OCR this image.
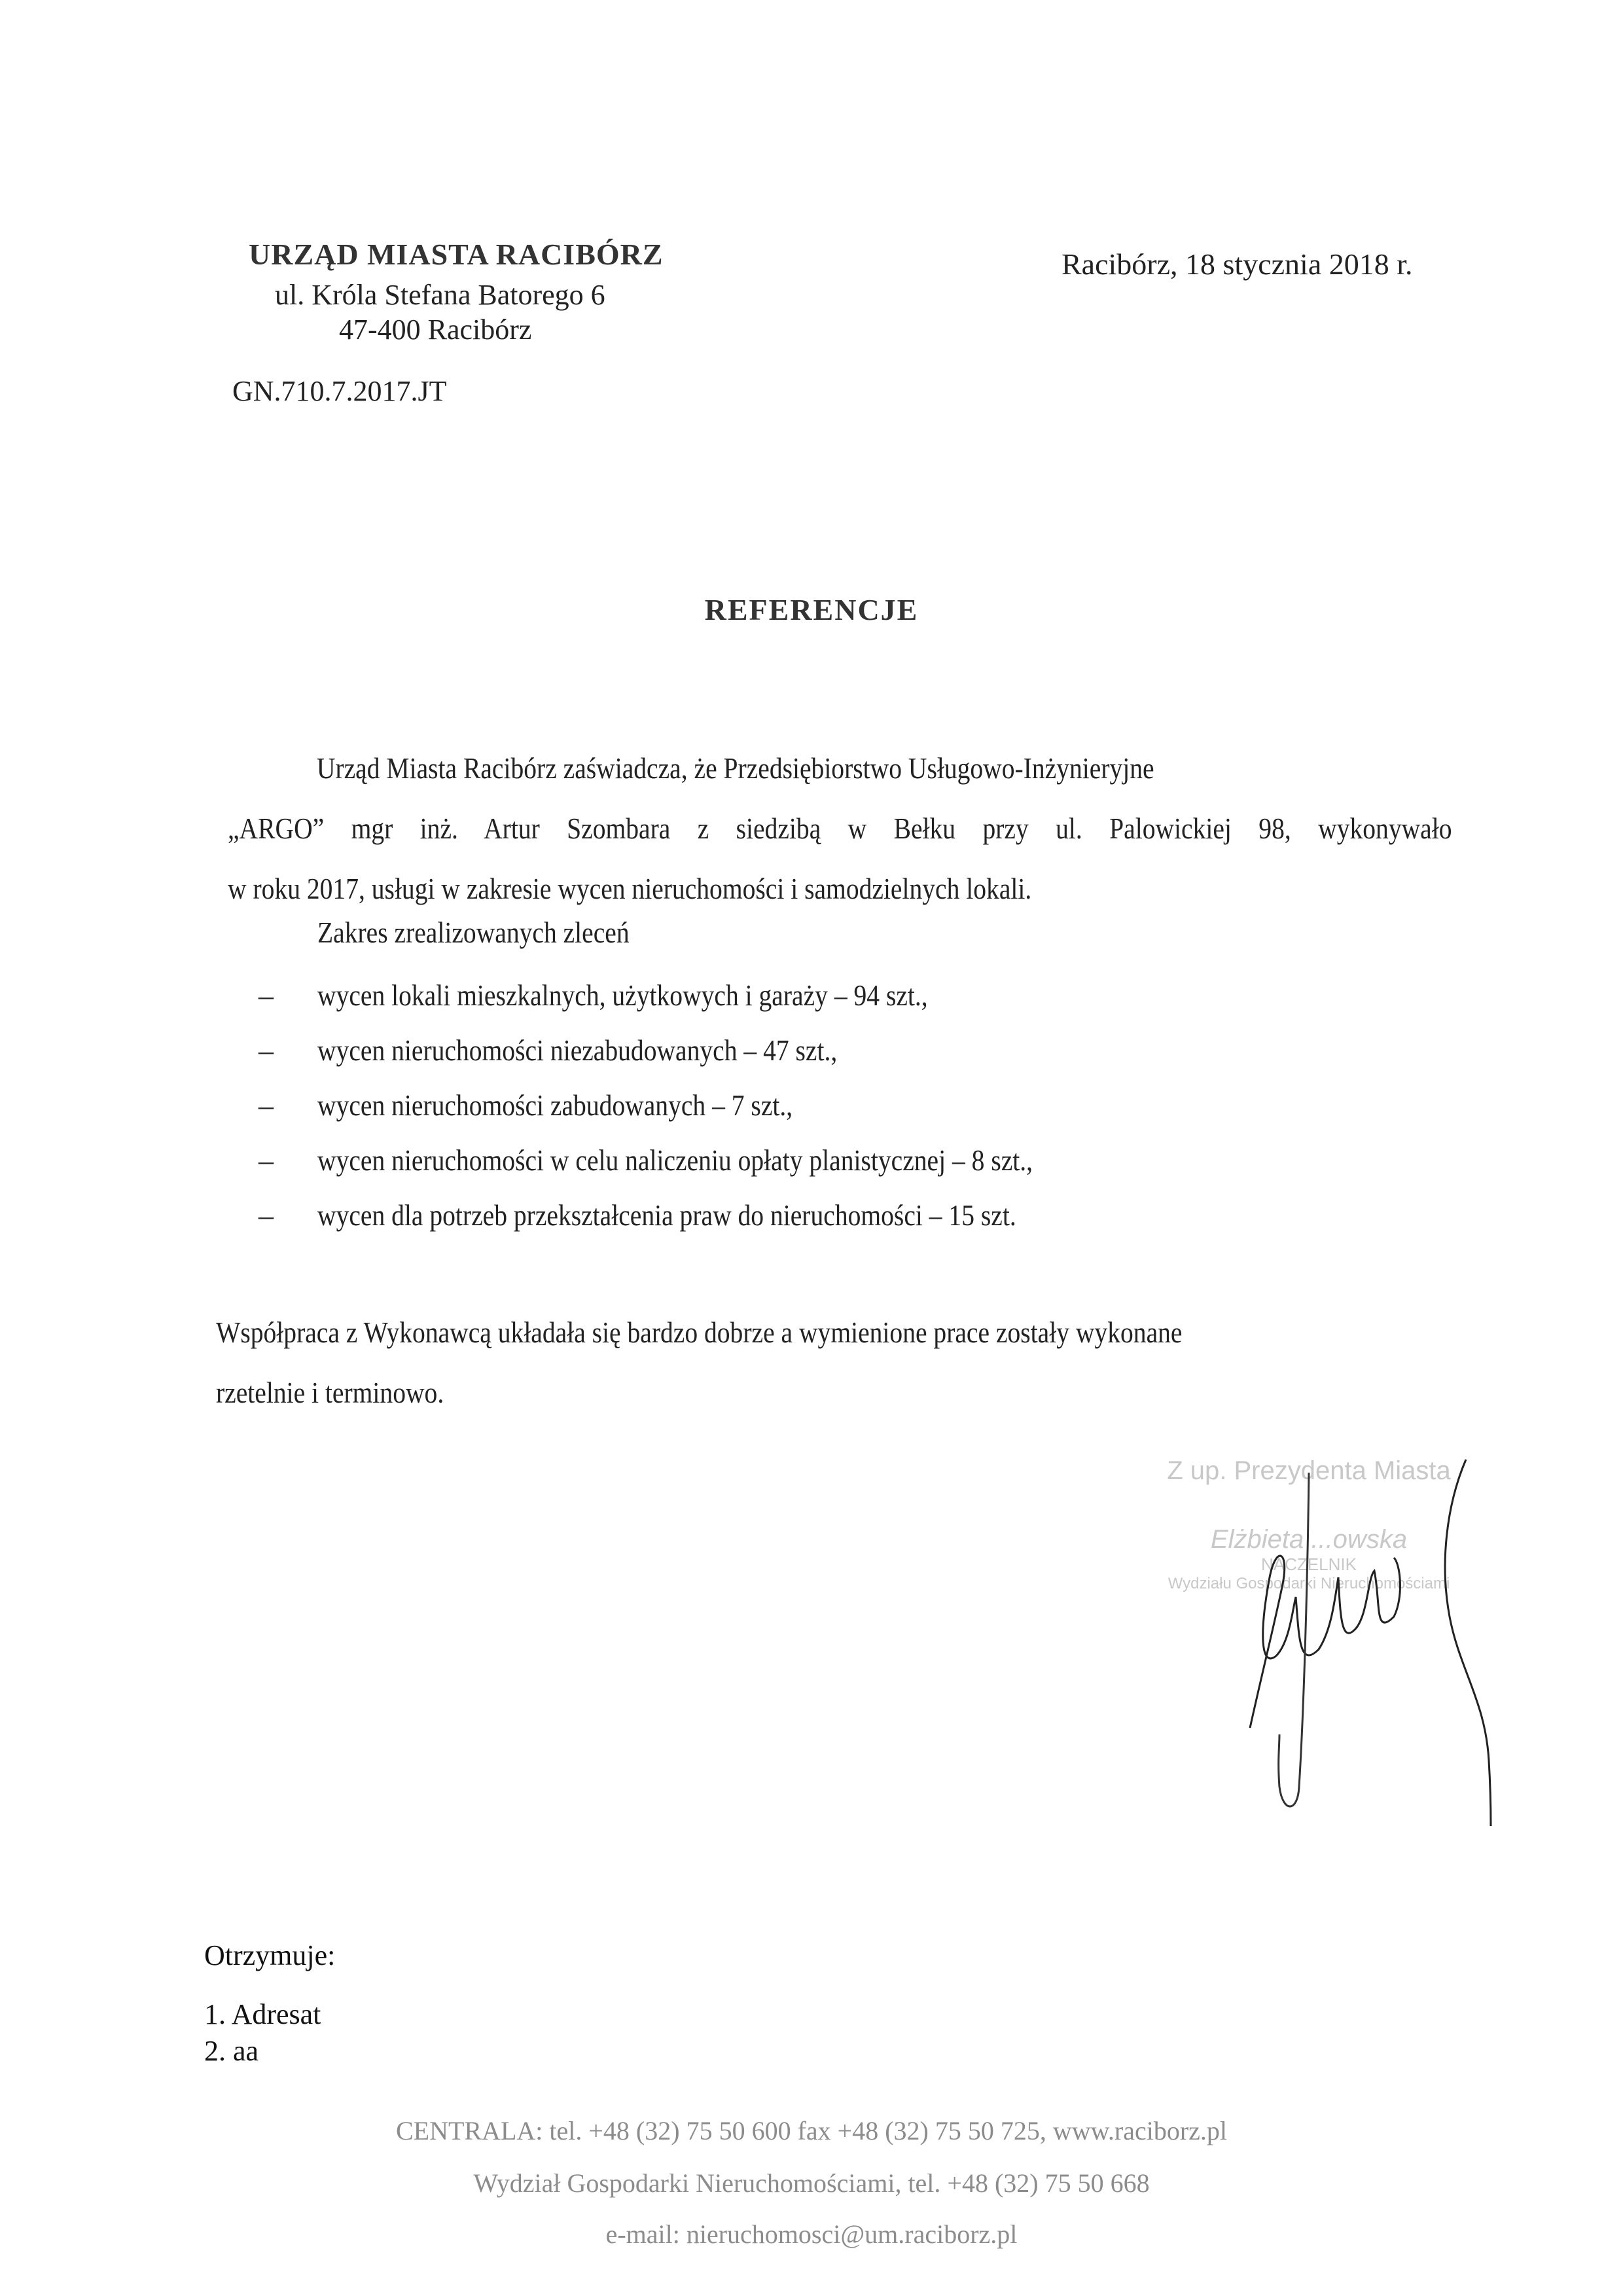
URZĄD MIASTA RACIBÓRZ
ul. Króla Stefana Batorego 6
47-400 Racibórz
GN.710.7.2017.JT
Racibórz, 18 stycznia 2018 r.
REFERENCJE
Urząd Miasta Racibórz zaświadcza, że Przedsiębiorstwo Usługowo-Inżynieryjne
„ARGO” mgr inż. Artur Szombara z siedzibą w Bełku przy ul. Palowickiej 98, wykonywało
w roku 2017, usługi w zakresie wycen nieruchomości i samodzielnych lokali.
Zakres zrealizowanych zleceń
–	wycen lokali mieszkalnych, użytkowych i garaży – 94 szt.,
–	wycen nieruchomości niezabudowanych – 47 szt.,
–	wycen nieruchomości zabudowanych – 7 szt.,
–	wycen nieruchomości w celu naliczeniu opłaty planistycznej – 8 szt.,
–	wycen dla potrzeb przekształcenia praw do nieruchomości – 15 szt.
Współpraca z Wykonawcą układała się bardzo dobrze a wymienione prace zostały wykonane
rzetelnie i terminowo.
Z up. Prezydenta Miasta
Elżbieta ...owska
NACZELNIK
Wydziału Gospodarki Nieruchomościami
Otrzymuje:
1. Adresat
2. aa
CENTRALA: tel. +48 (32) 75 50 600 fax +48 (32) 75 50 725, www.raciborz.pl
Wydział Gospodarki Nieruchomościami, tel. +48 (32) 75 50 668
e-mail: nieruchomosci@um.raciborz.pl
